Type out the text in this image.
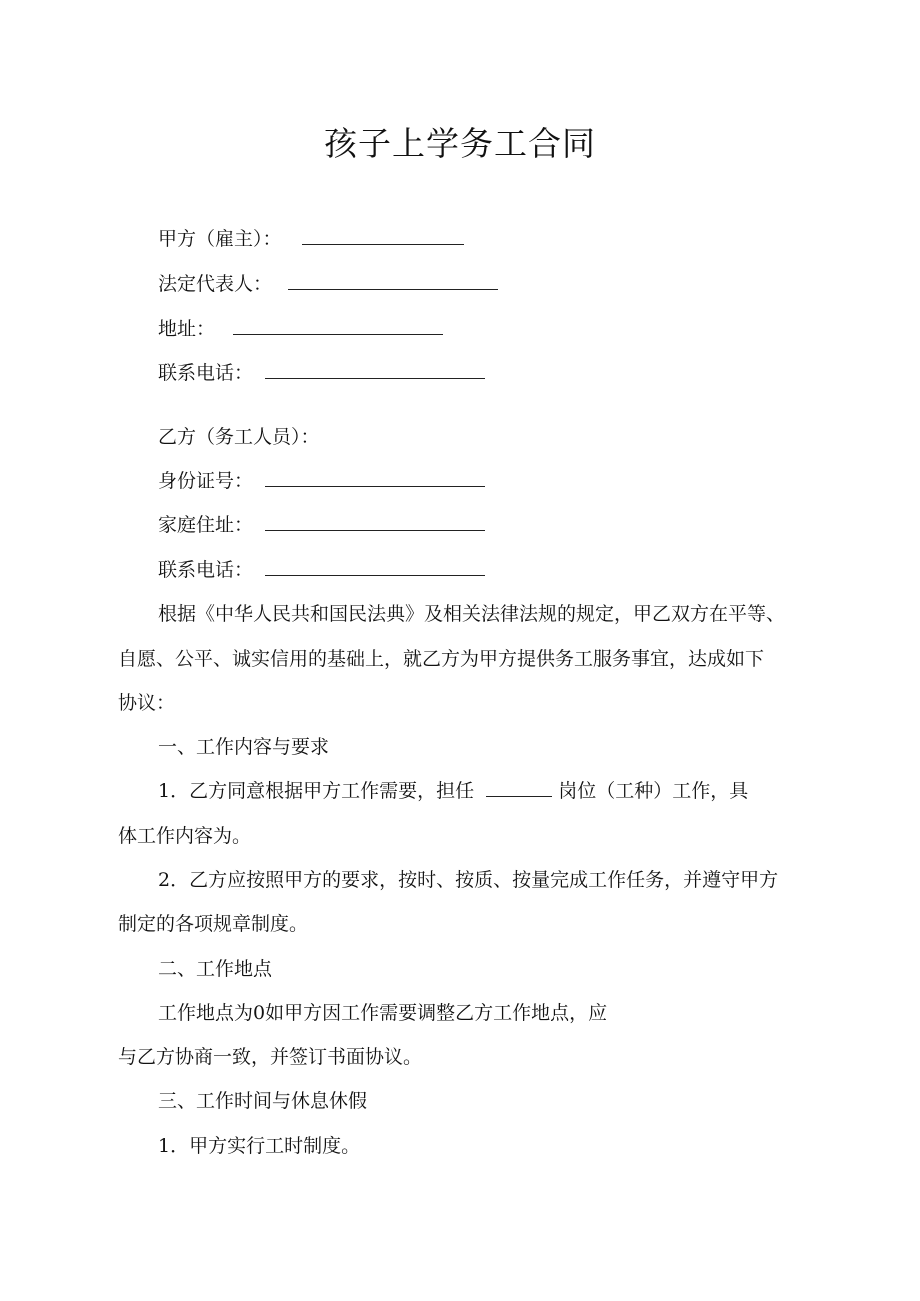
孩子上学务工合同
甲方（雇主）：
法定代表人：
地址：
联系电话：
乙方（务工人员）：
身份证号：
家庭住址：
联系电话：
根据《中华人民共和国民法典》及相关法律法规的规定，甲乙双方在平等、
自愿、公平、诚实信用的基础上，就乙方为甲方提供务工服务事宜，达成如下
协议：
一、工作内容与要求
1．乙方同意根据甲方工作需要，担任	岗位（工种）工作，具
体工作内容为。
2．乙方应按照甲方的要求，按时、按质、按量完成工作任务，并遵守甲方
制定的各项规章制度。
二、工作地点
工作地点为0如甲方因工作需要调整乙方工作地点，应
与乙方协商一致，并签订书面协议。
三、工作时间与休息休假
1．甲方实行工时制度。
